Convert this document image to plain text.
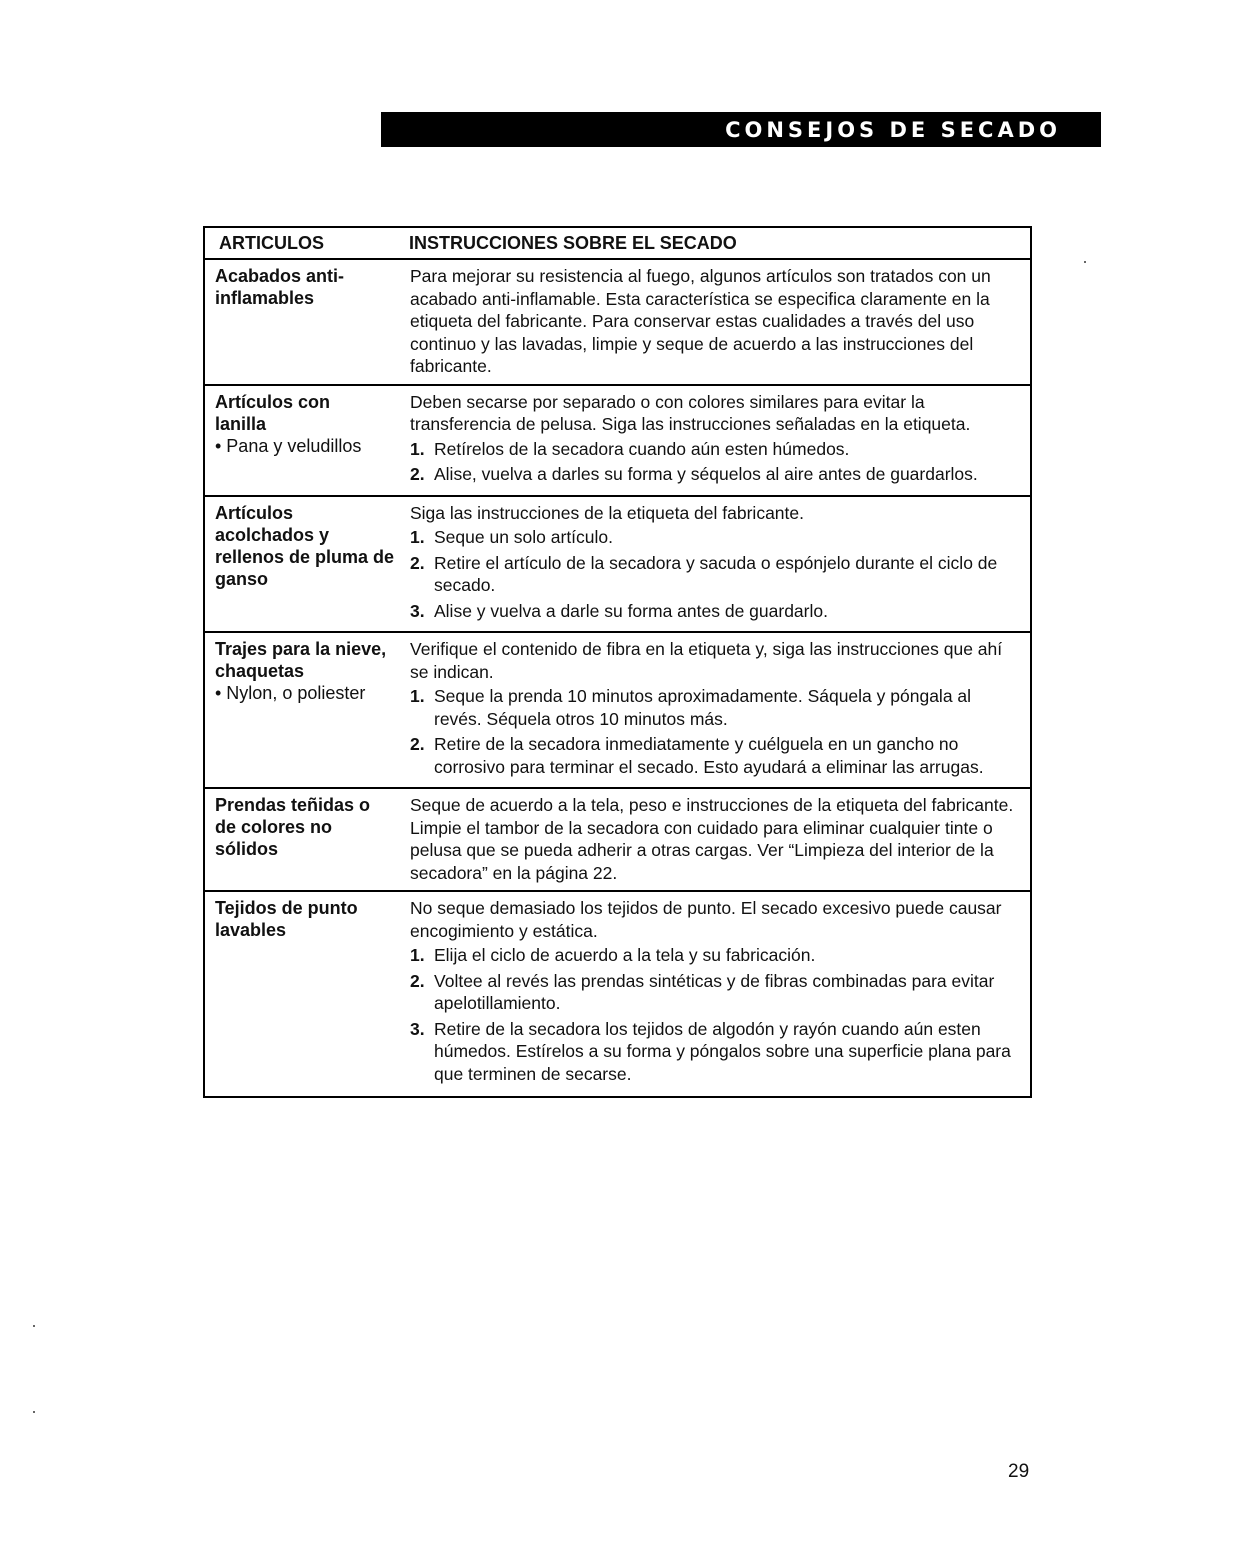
CONSEJOS DE SECADO
ARTICULOS	INSTRUCCIONES SOBRE EL SECADO
Acabados anti- inflamables
Para mejorar su resistencia al fuego, algunos artículos son tratados con un acabado anti-inflamable. Esta característica se especifica claramente en la etiqueta del fabricante. Para conservar estas cualidades a través del uso continuo y las lavadas, limpie y seque de acuerdo a las instrucciones del fabricante.
Artículos con lanilla
• Pana y veludillos
Deben secarse por separado o con colores similares para evitar la transferencia de pelusa. Siga las instrucciones señaladas en la etiqueta.
1. Retírelos de la secadora cuando aún esten húmedos.
2. Alise, vuelva a darles su forma y séquelos al aire antes de guardarlos.
Artículos acolchados y rellenos de pluma de ganso
Siga las instrucciones de la etiqueta del fabricante.
1. Seque un solo artículo.
2. Retire el artículo de la secadora y sacuda o espónjelo durante el ciclo de secado.
3. Alise y vuelva a darle su forma antes de guardarlo.
Trajes para la nieve, chaquetas
• Nylon, o poliester
Verifique el contenido de fibra en la etiqueta y, siga las instrucciones que ahí se indican.
1. Seque la prenda 10 minutos aproximadamente. Sáquela y póngala al revés. Séquela otros 10 minutos más.
2. Retire de la secadora inmediatamente y cuélguela en un gancho no corrosivo para terminar el secado. Esto ayudará a eliminar las arrugas.
Prendas teñidas o de colores no sólidos
Seque de acuerdo a la tela, peso e instrucciones de la etiqueta del fabricante. Limpie el tambor de la secadora con cuidado para eliminar cualquier tinte o pelusa que se pueda adherir a otras cargas. Ver “Limpieza del interior de la secadora” en la página 22.
Tejidos de punto lavables
No seque demasiado los tejidos de punto. El secado excesivo puede causar encogimiento y estática.
1. Elija el ciclo de acuerdo a la tela y su fabricación.
2. Voltee al revés las prendas sintéticas y de fibras combinadas para evitar apelotillamiento.
3. Retire de la secadora los tejidos de algodón y rayón cuando aún esten húmedos. Estírelos a su forma y póngalos sobre una superficie plana para que terminen de secarse.
29
